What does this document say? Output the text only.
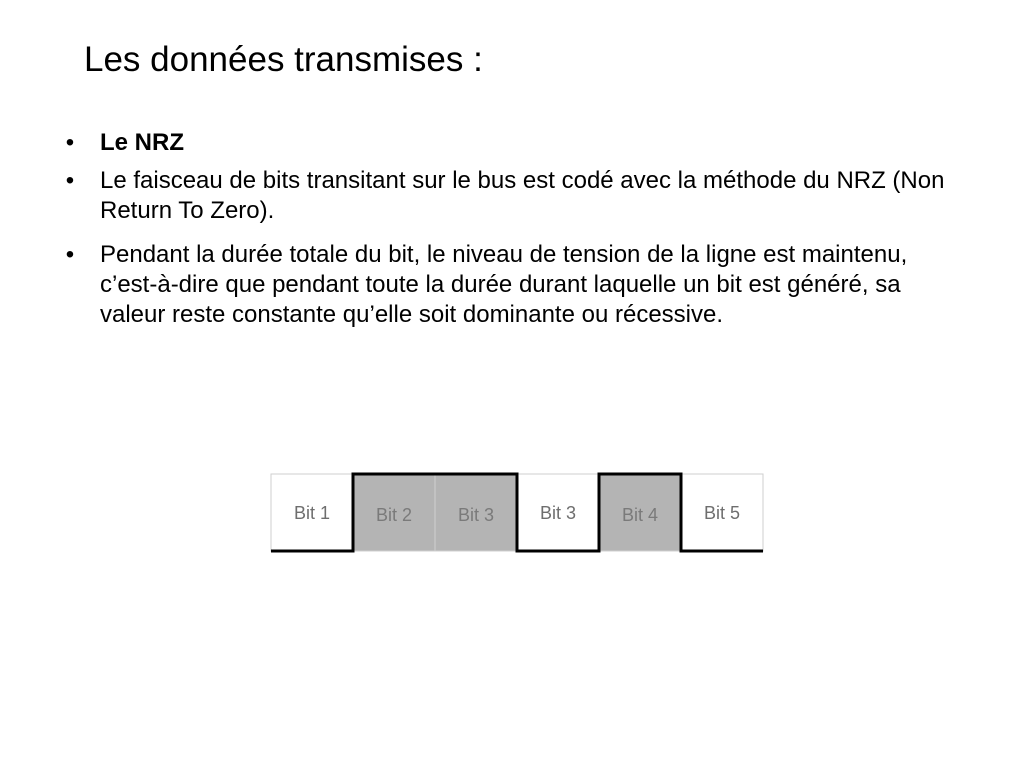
Les données transmises :
• Le NRZ
• Le faisceau de bits transitant sur le bus est codé avec la méthode du NRZ (Non Return To Zero).
• Pendant la durée totale du bit, le niveau de tension de la ligne est maintenu, c’est-à-dire que pendant toute la durée durant laquelle un bit est généré, sa valeur reste constante qu’elle soit dominante ou récessive.
Bit 1	Bit 2	Bit 3	Bit 3	Bit 4	Bit 5
